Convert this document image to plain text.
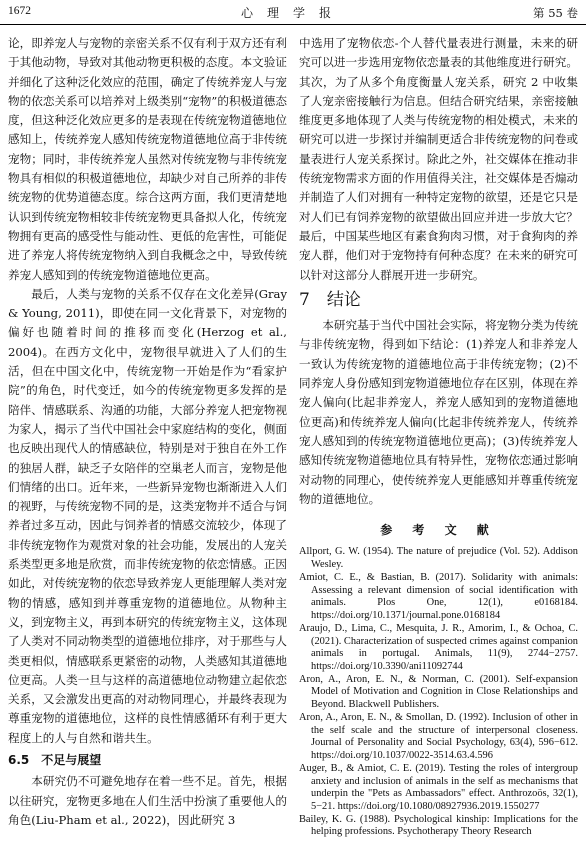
1672	心理学报	第 55 卷

论，即养宠人与宠物的亲密关系不仅有利于双方还有利于其他动物，导致对其他动物更积极的态度。本文验证并细化了这种泛化效应的范围，确定了传统养宠人与宠物的依恋关系可以培养对上级类别“宠物”的积极道德态度，但这种泛化效应更多的是表现在传统宠物道德地位感知上，传统养宠人感知传统宠物道德地位高于非传统宠物；同时，非传统养宠人虽然对传统宠物与非传统宠物具有相似的积极道德地位，却缺少对自己所养的非传统宠物的优势道德态度。综合这两方面，我们更清楚地认识到传统宠物相较非传统宠物更具备拟人化，传统宠物拥有更高的感受性与能动性、更低的危害性，可能促进了养宠人将传统宠物纳入到自我概念之中，导致传统养宠人感知到的传统宠物道德地位更高。

最后，人类与宠物的关系不仅存在文化差异(Gray & Young, 2011)，即使在同一文化背景下，对宠物的偏好也随着时间的推移而变化(Herzog et al., 2004)。在西方文化中，宠物很早就进入了人们的生活，但在中国文化中，传统宠物一开始是作为“看家护院”的角色，时代变迁，如今的传统宠物更多发挥的是陪伴、情感联系、沟通的功能，大部分养宠人把宠物视为家人，揭示了当代中国社会中家庭结构的变化，侧面也反映出现代人的情感缺位，特别是对于独自在外工作的独居人群，缺乏子女陪伴的空巢老人而言，宠物是他们情绪的出口。近年来，一些新异宠物也渐渐进入人们的视野，与传统宠物不同的是，这类宠物并不适合与饲养者过多互动，因此与饲养者的情感交流较少，体现了非传统宠物作为观赏对象的社会功能，发展出的人宠关系类型更多地是欣赏，而非传统宠物的依恋情感。正因如此，对传统宠物的依恋导致养宠人更能理解人类对宠物的情感，感知到并尊重宠物的道德地位。从物种主义，到宠物主义，再到本研究的传统宠物主义，这体现了人类对不同动物类型的道德地位排序，对于那些与人类更相似，情感联系更紧密的动物，人类感知其道德地位更高。人类一旦与这样的高道德地位动物建立起依恋关系，又会激发出更高的对动物同理心，并最终表现为尊重宠物的道德地位，这样的良性情感循环有利于更大程度上的人与自然和谐共生。

6.5　不足与展望

本研究仍不可避免地存在着一些不足。首先，根据以往研究，宠物更多地在人们生活中扮演了重要他人的角色(Liu-Pham et al., 2022)，因此研究 3

中选用了宠物依恋-个人替代量表进行测量，未来的研究可以进一步选用宠物依恋量表的其他维度进行研究。其次，为了从多个角度衡量人宠关系，研究 2 中收集了人宠亲密接触行为信息。但结合研究结果，亲密接触维度更多地体现了人类与传统宠物的相处模式，未来的研究可以进一步探讨并编制更适合非传统宠物的问卷或量表进行人宠关系探讨。除此之外，社交媒体在推动非传统宠物需求方面的作用值得关注，社交媒体是否煽动并制造了人们对拥有一种特定宠物的欲望，还是它只是对人们已有饲养宠物的欲望做出回应并进一步放大它？最后，中国某些地区有素食狗肉习惯，对于食狗肉的养宠人群，他们对于宠物持有何种态度？在未来的研究可以针对这部分人群展开进一步研究。

7　结论

本研究基于当代中国社会实际，将宠物分类为传统与非传统宠物，得到如下结论：(1)养宠人和非养宠人一致认为传统宠物的道德地位高于非传统宠物；(2)不同养宠人身份感知到宠物道德地位存在区别，体现在养宠人偏向(比起非养宠人，养宠人感知到的宠物道德地位更高)和传统养宠人偏向(比起非传统养宠人，传统养宠人感知到的传统宠物道德地位更高)；(3)传统养宠人感知传统宠物道德地位具有特异性，宠物依恋通过影响对动物的同理心，使传统养宠人更能感知并尊重传统宠物的道德地位。

参 考 文 献
Allport, G. W. (1954). The nature of prejudice (Vol. 52). Addison Wesley.
Amiot, C. E., & Bastian, B. (2017). Solidarity with animals: Assessing a relevant dimension of social identification with animals. Plos One, 12(1), e0168184. https://doi.org/10.1371/journal.pone.0168184
Araujo, D., Lima, C., Mesquita, J. R., Amorim, I., & Ochoa, C. (2021). Characterization of suspected crimes against companion animals in portugal. Animals, 11(9), 2744−2757. https://doi.org/10.3390/ani11092744
Aron, A., Aron, E. N., & Norman, C. (2001). Self-expansion Model of Motivation and Cognition in Close Relationships and Beyond. Blackwell Publishers.
Aron, A., Aron, E. N., & Smollan, D. (1992). Inclusion of other in the self scale and the structure of interpersonal closeness. Journal of Personality and Social Psychology, 63(4), 596−612. https://doi.org/10.1037/0022-3514.63.4.596
Auger, B., & Amiot, C. E. (2019). Testing the roles of intergroup anxiety and inclusion of animals in the self as mechanisms that underpin the "Pets as Ambassadors" effect. Anthrozoös, 32(1), 5−21. https://doi.org/10.1080/08927936.2019.1550277
Bailey, K. G. (1988). Psychological kinship: Implications for the helping professions. Psychotherapy Theory Research
